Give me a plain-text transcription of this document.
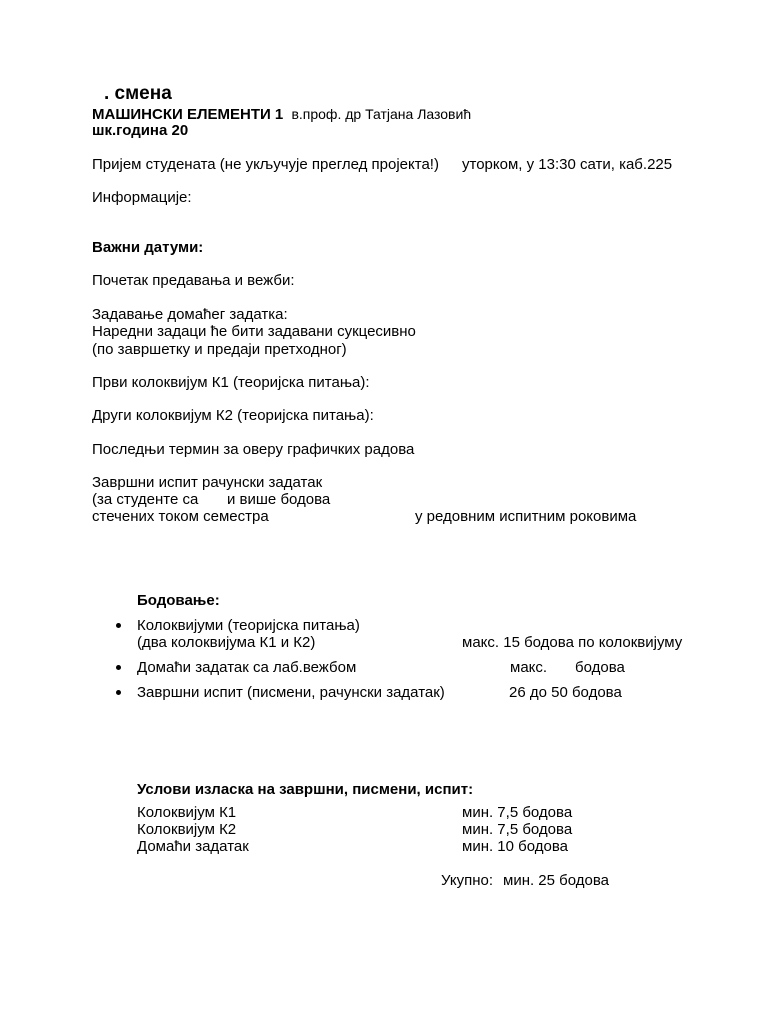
. смена
МАШИНСКИ ЕЛЕМЕНТИ 1 в.проф. др Татјана Лазовић
шк.година 20
Пријем студената (не укључује преглед пројекта!) уторком, у 13:30 сати, каб.225
Информације:
Важни датуми:
Почетак предавања и вежби:
Задавање домаћег задатка:
Наредни задаци ће бити задавани сукцесивно
(по завршетку и предаји претходног)
Први колоквијум К1 (теоријска питања):
Други колоквијум К2 (теоријска питања):
Последњи термин за оверу графичких радова
Завршни испит рачунски задатак
(за студенте са и више бодова
стечених током семестра	у редовним испитним роковима
Бодовање:
Колоквијуми (теоријска питања)
(два колоквијума К1 и К2)	макс. 15 бодова по колоквијуму
Домаћи задатак са лаб.вежбом	макс. бодова
Завршни испит (писмени, рачунски задатак)	26 до 50 бодова
Услови изласка на завршни, писмени, испит:
Колоквијум К1	мин. 7,5 бодова
Колоквијум К2	мин. 7,5 бодова
Домаћи задатак	мин. 10 бодова
Укупно: мин. 25 бодова
